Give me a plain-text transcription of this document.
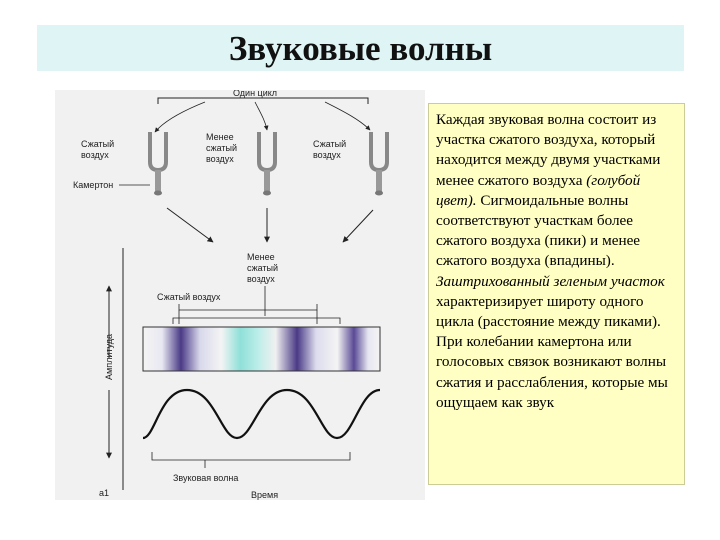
Звуковые волны
Один цикл
Сжатый
воздух
Менее
сжатый
воздух
Сжатый
воздух
Камертон
Менее
сжатый
воздух
Сжатый воздух
Амплитуда
Звуковая волна
а1	Время

Каждая звуковая волна состоит из участка сжатого воздуха, который находится между двумя участками менее сжатого воздуха (голубой цвет). Сигмоидальные волны соответствуют участкам более сжатого воздуха (пики) и менее сжатого воздуха (впадины). Заштрихованный зеленым участок характеризирует широту одного цикла (расстояние между пиками). При колебании камертона или голосовых связок возникают волны сжатия и расслабления, которые мы ощущаем как звук
